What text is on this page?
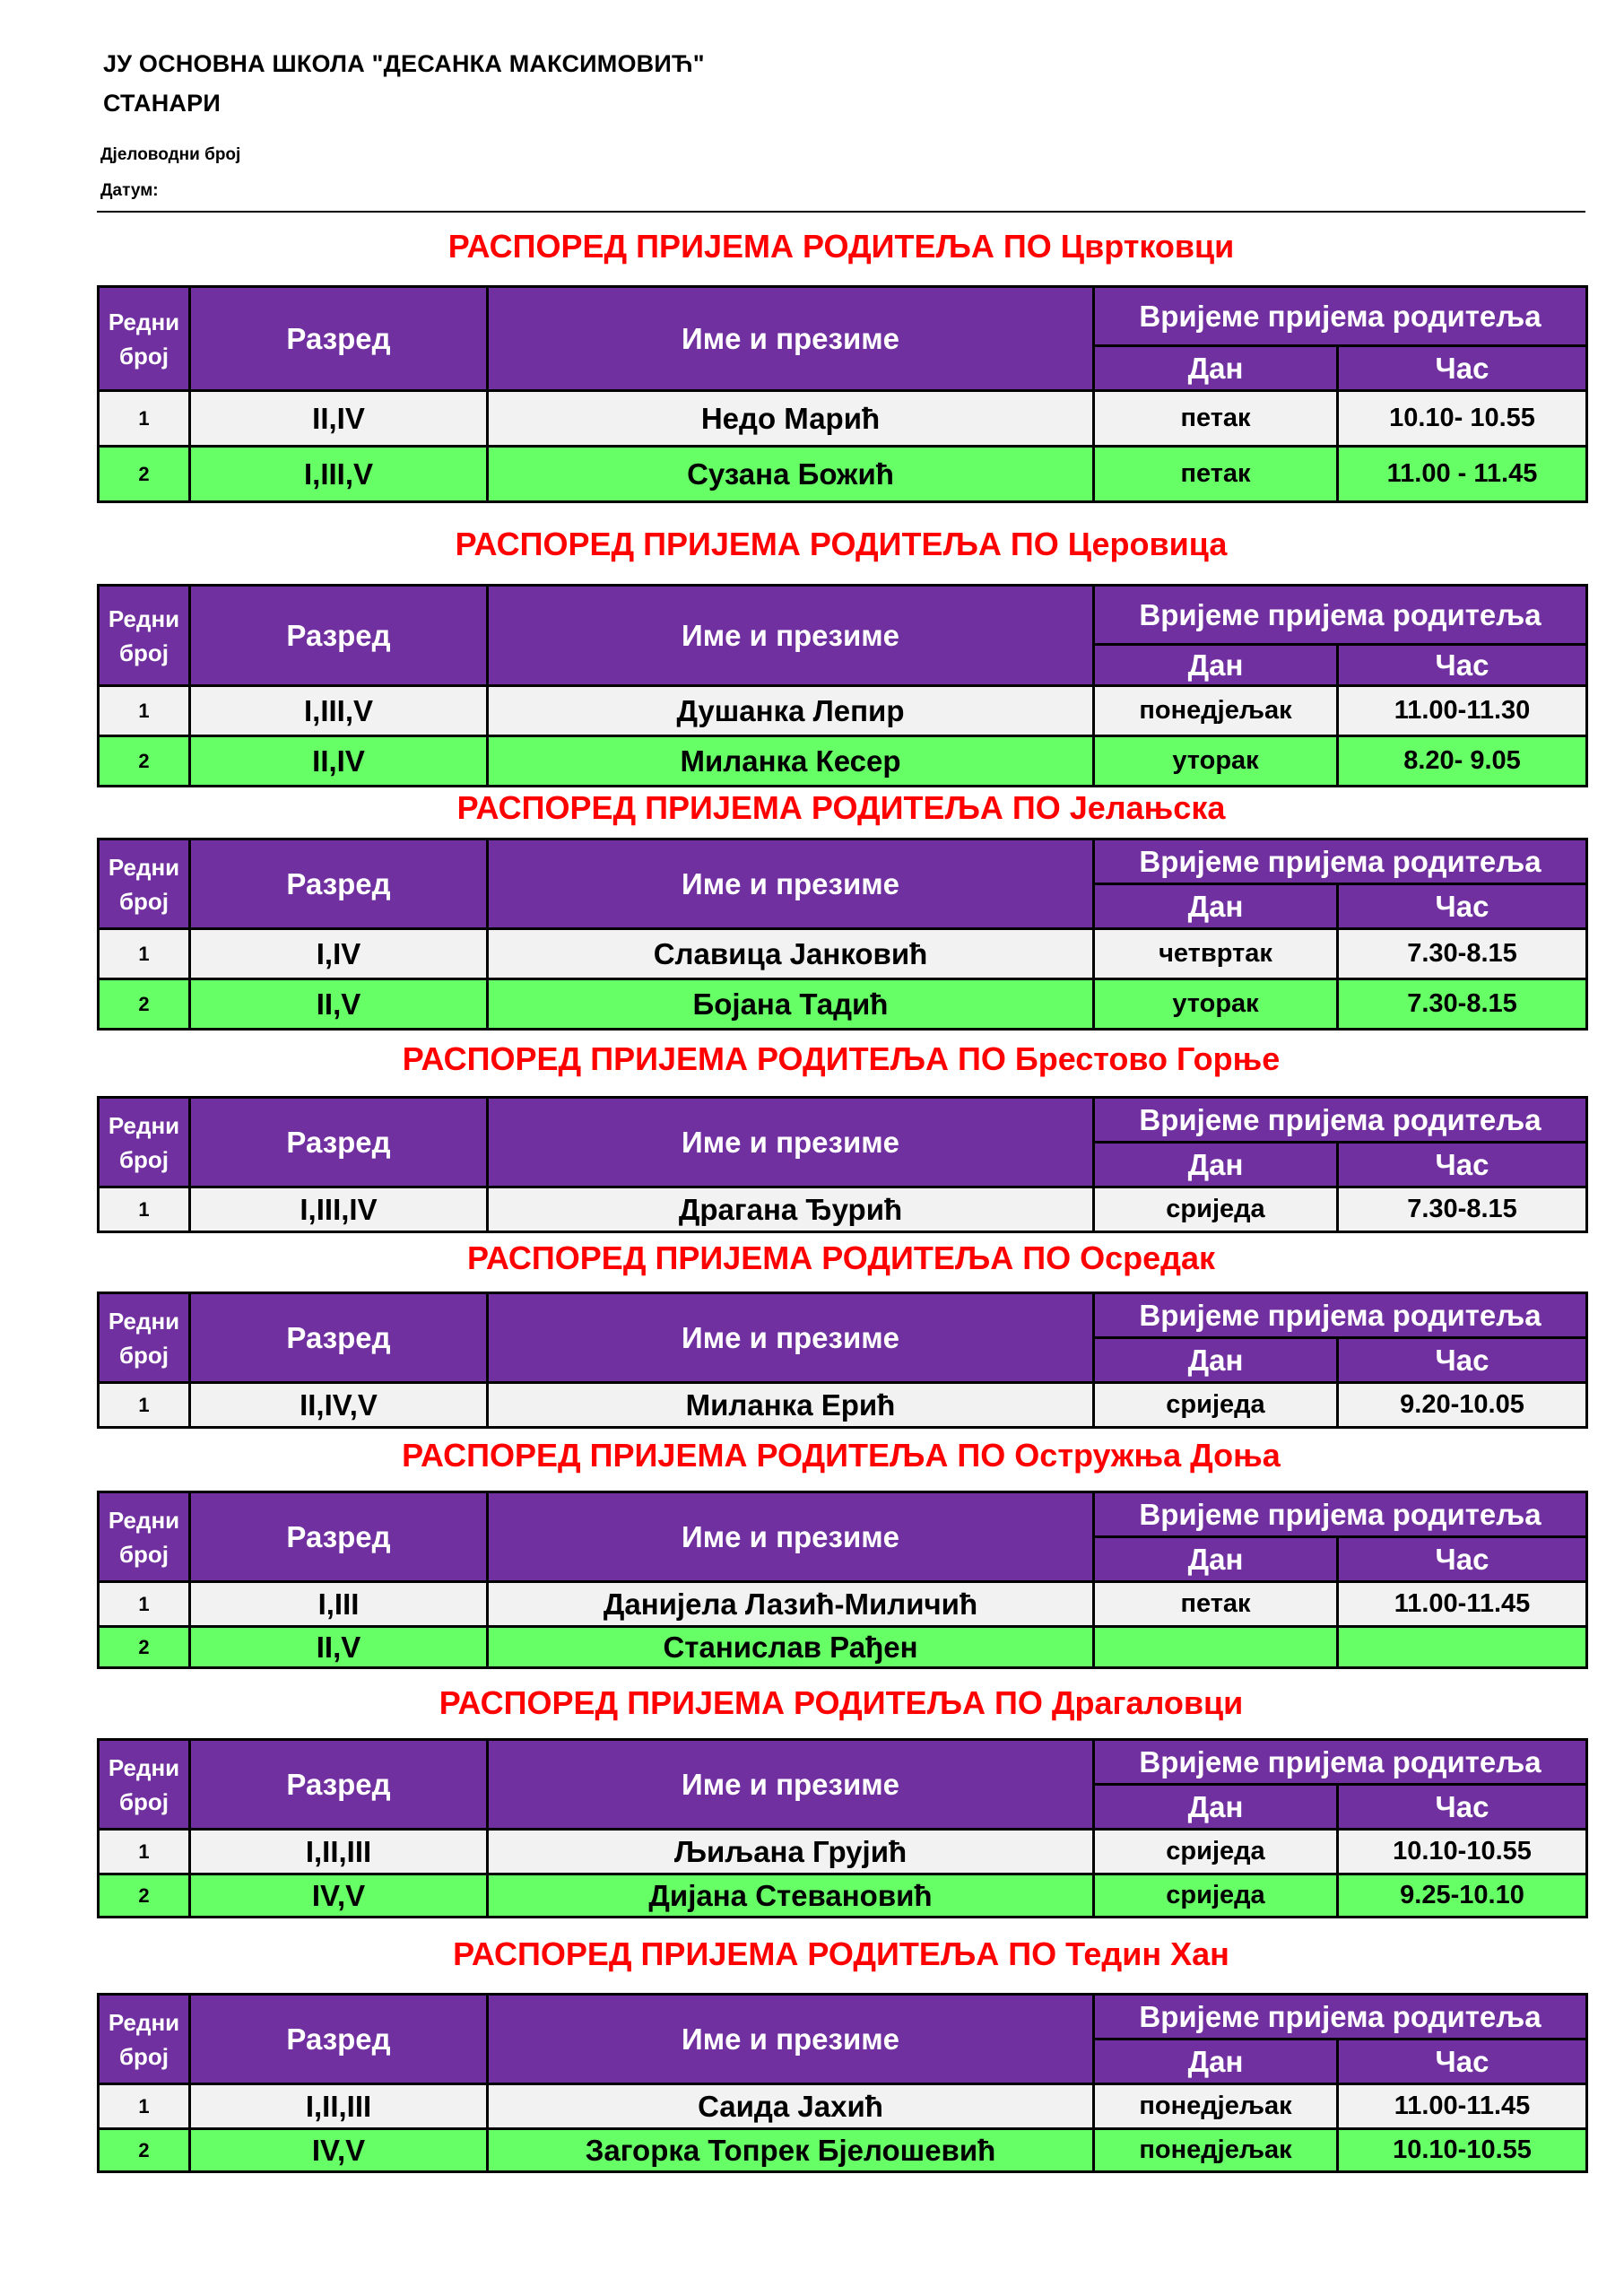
ЈУ ОСНОВНА ШКОЛА "ДЕСАНКА МАКСИМОВИЋ"
СТАНАРИ
Дјеловодни број
Датум:
РАСПОРЕД ПРИЈЕМА РОДИТЕЉА ПО Цвртковци
Редни
број	Разред	Име и презиме	Вријеме пријема родитеља	
			Дан	Час
1	II,IV	Недо Марић	петак	10.10- 10.55
2	I,III,V	Сузана Божић	петак	11.00 - 11.45
РАСПОРЕД ПРИЈЕМА РОДИТЕЉА ПО Церовица
Редни
број	Разред	Име и презиме	Вријеме пријема родитеља	
			Дан	Час
1	I,III,V	Душанка Лепир	понедјељак	11.00-11.30
2	II,IV	Миланка Кесер	уторак	8.20- 9.05
РАСПОРЕД ПРИЈЕМА РОДИТЕЉА ПО Јелањска
Редни
број	Разред	Име и презиме	Вријеме пријема родитеља	
			Дан	Час
1	I,IV	Славица Јанковић	четвртак	7.30-8.15
2	II,V	Бојана Тадић	уторак	7.30-8.15
РАСПОРЕД ПРИЈЕМА РОДИТЕЉА ПО Брестово Горње
Редни
број	Разред	Име и презиме	Вријеме пријема родитеља	
			Дан	Час
1	I,III,IV	Драгана Ђурић	сриједа	7.30-8.15
РАСПОРЕД ПРИЈЕМА РОДИТЕЉА ПО Осредак
Редни
број	Разред	Име и презиме	Вријеме пријема родитеља	
			Дан	Час
1	II,IV,V	Миланка Ерић	сриједа	9.20-10.05
РАСПОРЕД ПРИЈЕМА РОДИТЕЉА ПО Остружња Доња
Редни
број	Разред	Име и презиме	Вријеме пријема родитеља	
			Дан	Час
1	I,III	Данијела Лазић-Миличић	петак	11.00-11.45
2	II,V	Станислав Рађен		
РАСПОРЕД ПРИЈЕМА РОДИТЕЉА ПО Драгаловци
Редни
број	Разред	Име и презиме	Вријеме пријема родитеља	
			Дан	Час
1	I,II,III	Љиљана Грујић	сриједа	10.10-10.55
2	IV,V	Дијана Стевановић	сриједа	9.25-10.10
РАСПОРЕД ПРИЈЕМА РОДИТЕЉА ПО Тедин Хан
Редни
број	Разред	Име и презиме	Вријеме пријема родитеља	
			Дан	Час
1	I,II,III	Саида Јахић	понедјељак	11.00-11.45
2	IV,V	Загорка Топрек Бјелошевић	понедјељак	10.10-10.55
